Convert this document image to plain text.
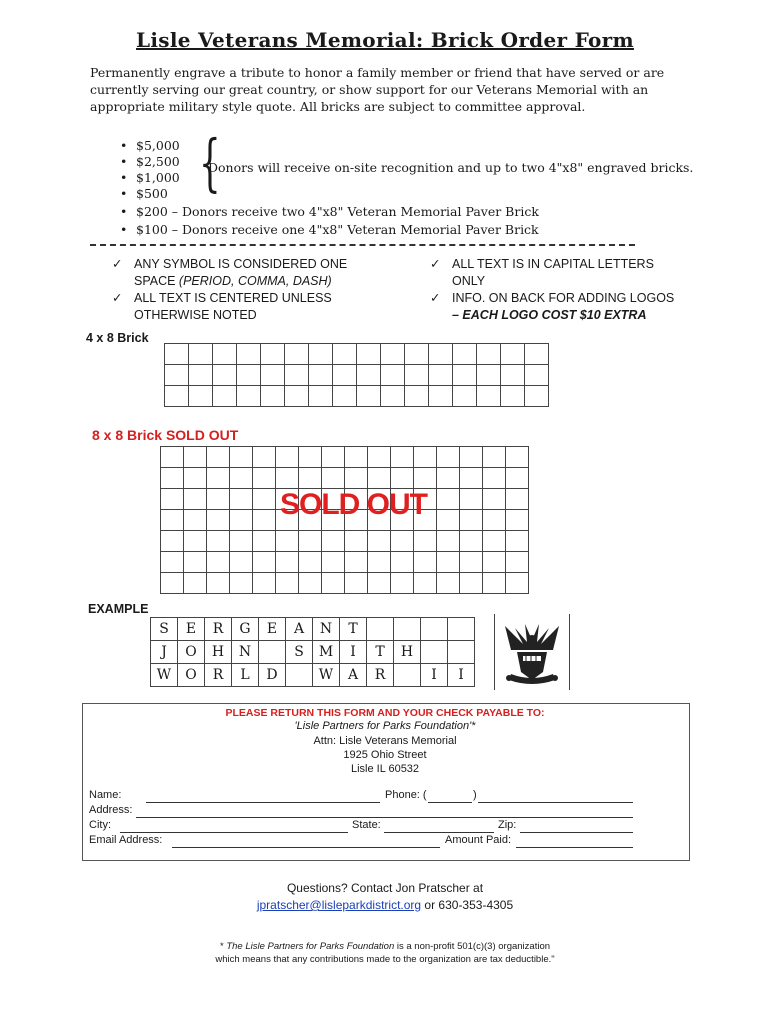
Lisle Veterans Memorial: Brick Order Form
Permanently engrave a tribute to honor a family member or friend that have served or are currently serving our great country, or show support for our Veterans Memorial with an appropriate military style quote. All bricks are subject to committee approval.
• $5,000
• $2,500
• $1,000
• $500 {
Donors will receive on-site recognition and up to two 4"x8" engraved bricks.
• $200 – Donors receive two 4"x8" Veteran Memorial Paver Brick
• $100 – Donors receive one 4"x8" Veteran Memorial Paver Brick
✓ ANY SYMBOL IS CONSIDERED ONE
SPACE (PERIOD, COMMA, DASH)
✓ ALL TEXT IS CENTERED UNLESS
OTHERWISE NOTED
✓ ALL TEXT IS IN CAPITAL LETTERS
ONLY
✓ INFO. ON BACK FOR ADDING LOGOS
– EACH LOGO COST $10 EXTRA
4 x 8 Brick

8 x 8 Brick SOLD OUT

SOLD OUT
EXAMPLE
S	E	R	G	E	A	N	T				
J	O	H	N		S	M	I	T	H		
W	O	R	L	D		W	A	R		I	I
PLEASE RETURN THIS FORM AND YOUR CHECK PAYABLE TO:
'Lisle Partners for Parks Foundation'*
Attn: Lisle Veterans Memorial
1925 Ohio Street
Lisle IL 60532
Name:	Phone: (	)
Address:
City:	State:	Zip:
Email Address:	Amount Paid:
Questions? Contact Jon Pratscher at
jpratscher@lisleparkdistrict.org or 630-353-4305
* The Lisle Partners for Parks Foundation is a non-profit 501(c)(3) organization
which means that any contributions made to the organization are tax deductible."
